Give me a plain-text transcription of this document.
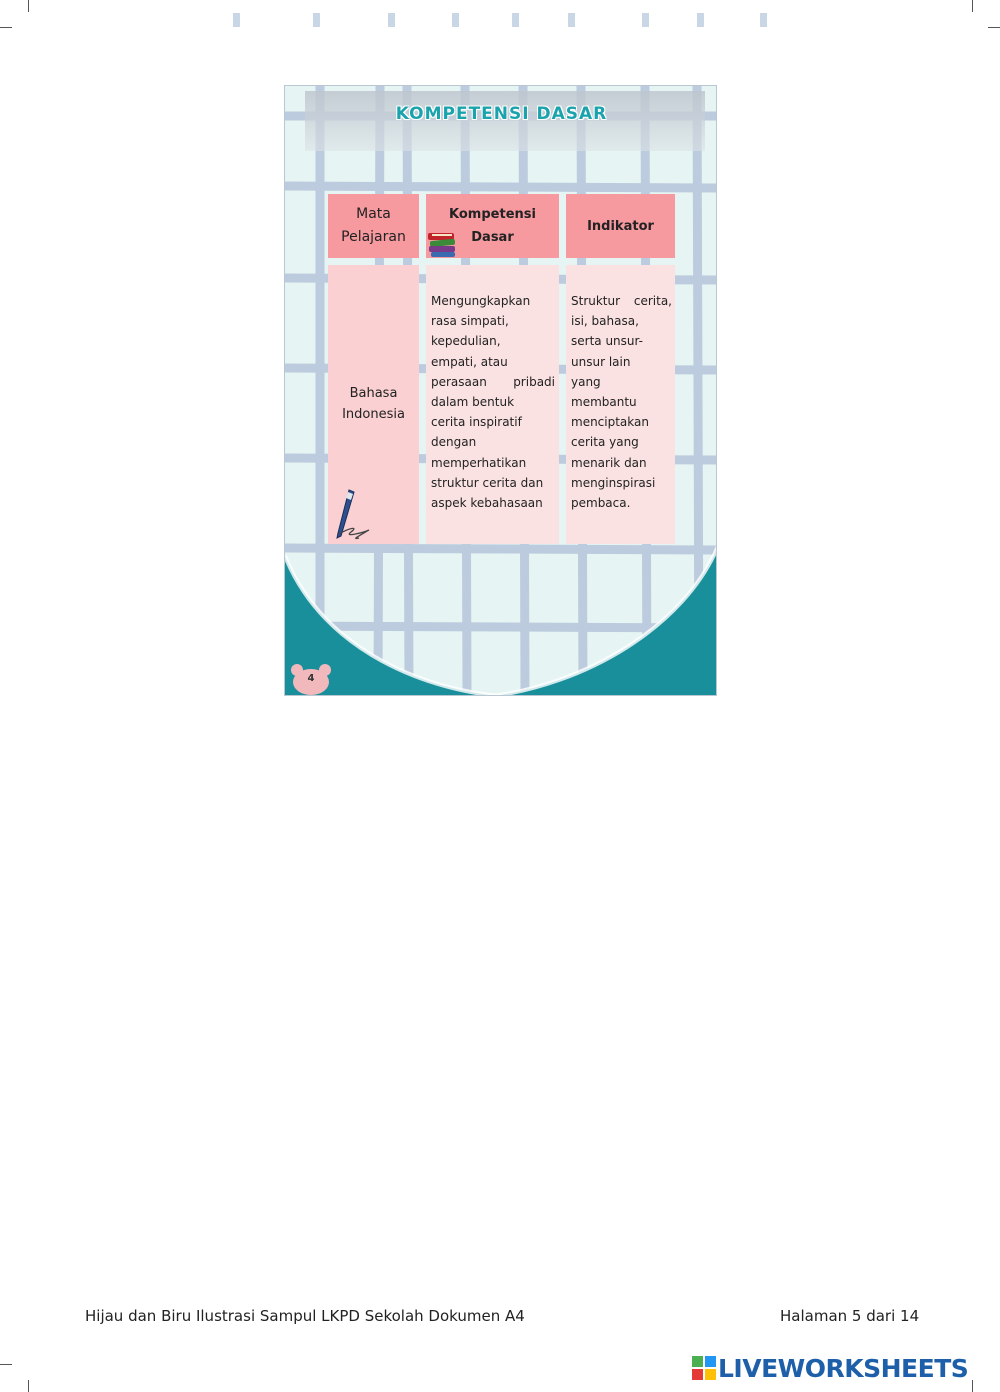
KOMPETENSI DASAR
Mata
Pelajaran
Kompetensi
Dasar
Indikator
Bahasa
Indonesia
Mengungkapkan
rasa simpati,
kepedulian,
empati, atau
perasaan pribadi
dalam bentuk
cerita inspiratif
dengan
memperhatikan
struktur cerita dan
aspek kebahasaan
Struktur cerita,
isi, bahasa,
serta unsur-
unsur lain
yang
membantu
menciptakan
cerita yang
menarik dan
menginspirasi
pembaca.
4
Hijau dan Biru Ilustrasi Sampul LKPD Sekolah Dokumen A4	Halaman 5 dari 14
LIVEWORKSHEETS
